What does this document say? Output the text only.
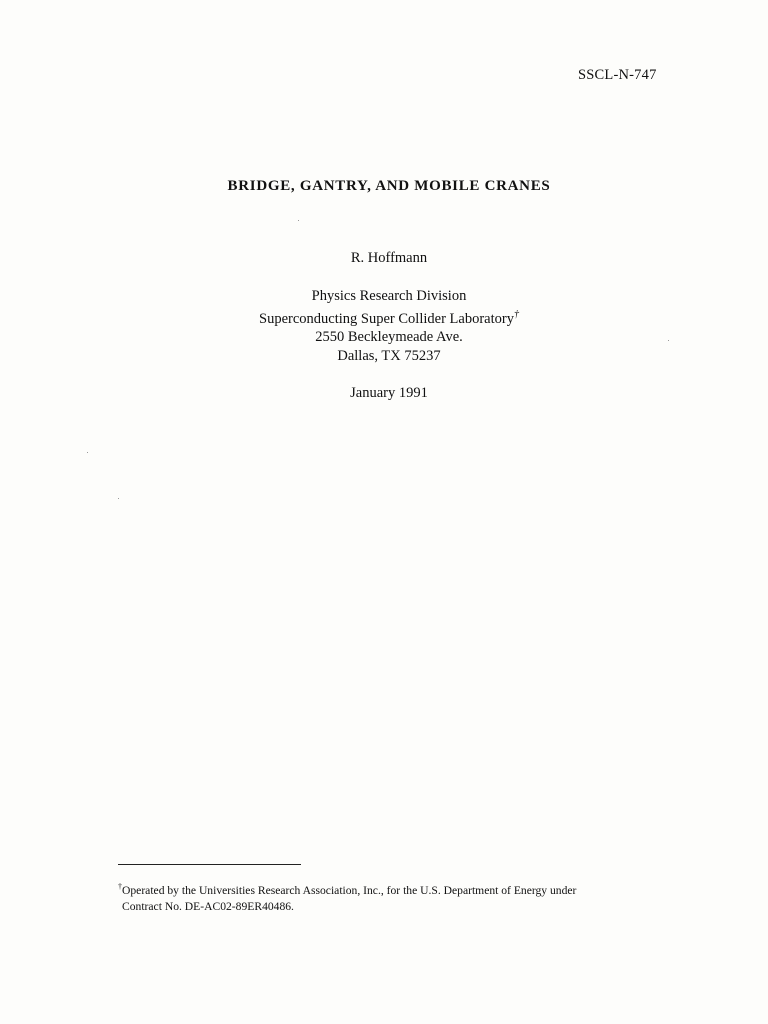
SSCL-N-747
BRIDGE, GANTRY, AND MOBILE CRANES
R. Hoffmann
Physics Research Division
Superconducting Super Collider Laboratory†
2550 Beckleymeade Ave.
Dallas, TX 75237
January 1991
†Operated by the Universities Research Association, Inc., for the U.S. Department of Energy under
Contract No. DE-AC02-89ER40486.
